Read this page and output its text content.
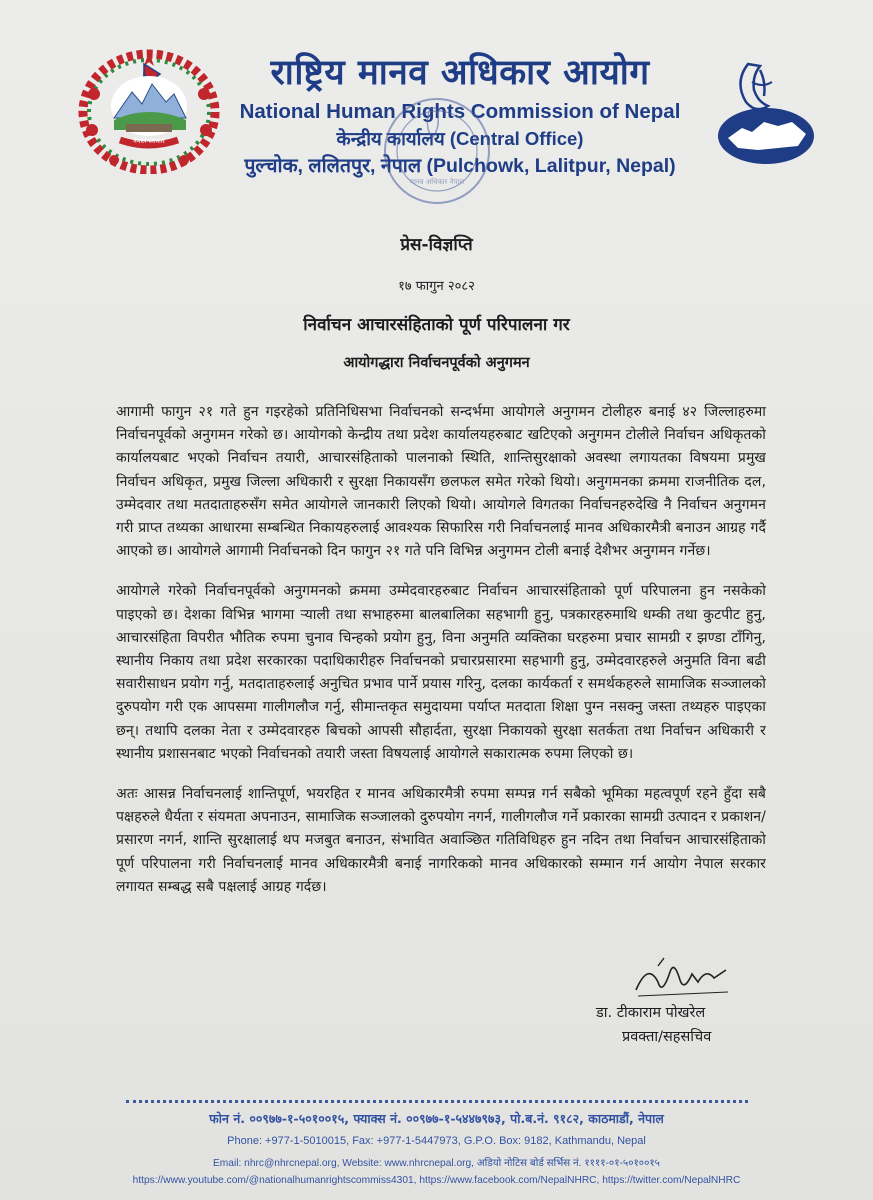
नेपाल सरकार
राष्ट्रिय मानव अधिकार आयोग
National Human Rights Commission of Nepal
केन्द्रीय कार्यालय (Central Office)
पुल्चोक, ललितपुर, नेपाल (Pulchowk, Lalitpur, Nepal)
मानव अधिकार नेपाल
प्रेस-विज्ञप्ति
१७ फागुन २०८२
निर्वाचन आचारसंहिताको पूर्ण परिपालना गर
आयोगद्धारा निर्वाचनपूर्वको अनुगमन

आगामी फागुन २१ गते हुन गइरहेको प्रतिनिधिसभा निर्वाचनको सन्दर्भमा आयोगले अनुगमन टोलीहरु बनाई ४२ जिल्लाहरुमा निर्वाचनपूर्वको अनुगमन गरेको छ। आयोगको केन्द्रीय तथा प्रदेश कार्यालयहरुबाट खटिएको अनुगमन टोलीले निर्वाचन अधिकृतको कार्यालयबाट भएको निर्वाचन तयारी, आचारसंहिताको पालनाको स्थिति, शान्तिसुरक्षाको अवस्था लगायतका विषयमा प्रमुख निर्वाचन अधिकृत, प्रमुख जिल्ला अधिकारी र सुरक्षा निकायसँग छलफल समेत गरेको थियो। अनुगमनका क्रममा राजनीतिक दल, उम्मेदवार तथा मतदाताहरुसँग समेत आयोगले जानकारी लिएको थियो। आयोगले विगतका निर्वाचनहरुदेखि नै निर्वाचन अनुगमन गरी प्राप्त तथ्यका आधारमा सम्बन्धित निकायहरुलाई आवश्यक सिफारिस गरी निर्वाचनलाई मानव अधिकारमैत्री बनाउन आग्रह गर्दै आएको छ। आयोगले आगामी निर्वाचनको दिन फागुन २१ गते पनि विभिन्न अनुगमन टोली बनाई देशैभर अनुगमन गर्नेछ।

आयोगले गरेको निर्वाचनपूर्वको अनुगमनको क्रममा उम्मेदवारहरुबाट निर्वाचन आचारसंहिताको पूर्ण परिपालना हुन नसकेको पाइएको छ। देशका विभिन्न भागमा ऱ्याली तथा सभाहरुमा बालबालिका सहभागी हुनु, पत्रकारहरुमाथि धम्की तथा कुटपीट हुनु, आचारसंहिता विपरीत भौतिक रुपमा चुनाव चिन्हको प्रयोग हुनु, विना अनुमति व्यक्तिका घरहरुमा प्रचार सामग्री र झण्डा टाँगिनु, स्थानीय निकाय तथा प्रदेश सरकारका पदाधिकारीहरु निर्वाचनको प्रचारप्रसारमा सहभागी हुनु, उम्मेदवारहरुले अनुमति विना बढी सवारीसाधन प्रयोग गर्नु, मतदाताहरुलाई अनुचित प्रभाव पार्ने प्रयास गरिनु, दलका कार्यकर्ता र समर्थकहरुले सामाजिक सञ्जालको दुरुपयोग गरी एक आपसमा गालीगलौज गर्नु, सीमान्तकृत समुदायमा पर्याप्त मतदाता शिक्षा पुग्न नसक्नु जस्ता तथ्यहरु पाइएका छन्। तथापि दलका नेता र उम्मेदवारहरु बिचको आपसी सौहार्दता, सुरक्षा निकायको सुरक्षा सतर्कता तथा निर्वाचन अधिकारी र स्थानीय प्रशासनबाट भएको निर्वाचनको तयारी जस्ता विषयलाई आयोगले सकारात्मक रुपमा लिएको छ।

अतः आसन्न निर्वाचनलाई शान्तिपूर्ण, भयरहित र मानव अधिकारमैत्री रुपमा सम्पन्न गर्न सबैको भूमिका महत्वपूर्ण रहने हुँदा सबै पक्षहरुले धैर्यता र संयमता अपनाउन, सामाजिक सञ्जालको दुरुपयोग नगर्न, गालीगलौज गर्ने प्रकारका सामग्री उत्पादन र प्रकाशन/प्रसारण नगर्न, शान्ति सुरक्षालाई थप मजबुत बनाउन, संभावित अवाञ्छित गतिविधिहरु हुन नदिन तथा निर्वाचन आचारसंहिताको पूर्ण परिपालना गरी निर्वाचनलाई मानव अधिकारमैत्री बनाई नागरिकको मानव अधिकारको सम्मान गर्न आयोग नेपाल सरकार लगायत सम्बद्ध सबै पक्षलाई आग्रह गर्दछ।

डा. टीकाराम पोखरेल
प्रवक्ता/सहसचिव
फोन नं. ००९७७-१-५०१००१५, फ्याक्स नं. ००९७७-१-५४४७९७३, पो.ब.नं. ९१८२, काठमाडौं, नेपाल
Phone: +977-1-5010015, Fax: +977-1-5447973, G.P.O. Box: 9182, Kathmandu, Nepal
Email: nhrc@nhrcnepal.org, Website: www.nhrcnepal.org, अडियो नोटिस बोर्ड सर्भिस नं. ११११-०१-५०१००१५
https://www.youtube.com/@nationalhumanrightscommiss4301, https://www.facebook.com/NepalNHRC, https://twitter.com/NepalNHRC
